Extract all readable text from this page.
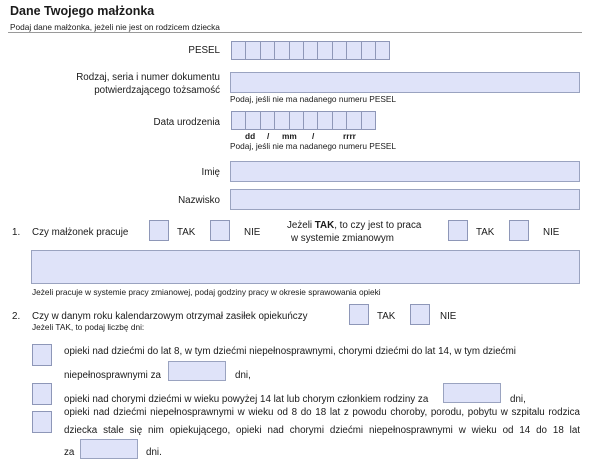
Dane Twojego małżonka
Podaj dane małżonka, jeżeli nie jest on rodzicem dziecka
PESEL
Rodzaj, seria i numer dokumentu
potwierdzającego tożsamość
Podaj, jeśli nie ma nadanego numeru PESEL
Data urodzenia
dd / mm /	rrrr
Podaj, jeśli nie ma nadanego numeru PESEL
Imię
Nazwisko
1. Czy małżonek pracuje	TAK	NIE
Jeżeli TAK, to czy jest to praca
w systemie zmianowym
TAK	NIE
Jeżeli pracuje w systemie pracy zmianowej, podaj godziny pracy w okresie sprawowania opieki
2. Czy w danym roku kalendarzowym otrzymał zasiłek opiekuńczy
Jeżeli TAK, to podaj liczbę dni:
TAK	NIE
opieki nad dziećmi do lat 8, w tym dziećmi niepełnosprawnymi, chorymi dziećmi do lat 14, w tym dziećmi
niepełnosprawnymi za	dni,
opieki nad chorymi dziećmi w wieku powyżej 14 lat lub chorym członkiem rodziny za	dni,
opieki nad dziećmi niepełnosprawnymi w wieku od 8 do 18 lat z powodu choroby, porodu, pobytu w szpitalu rodzica
dziecka stale się nim opiekującego, opieki nad chorymi dziećmi niepełnosprawnymi w wieku od 14 do 18 lat
za	dni.
